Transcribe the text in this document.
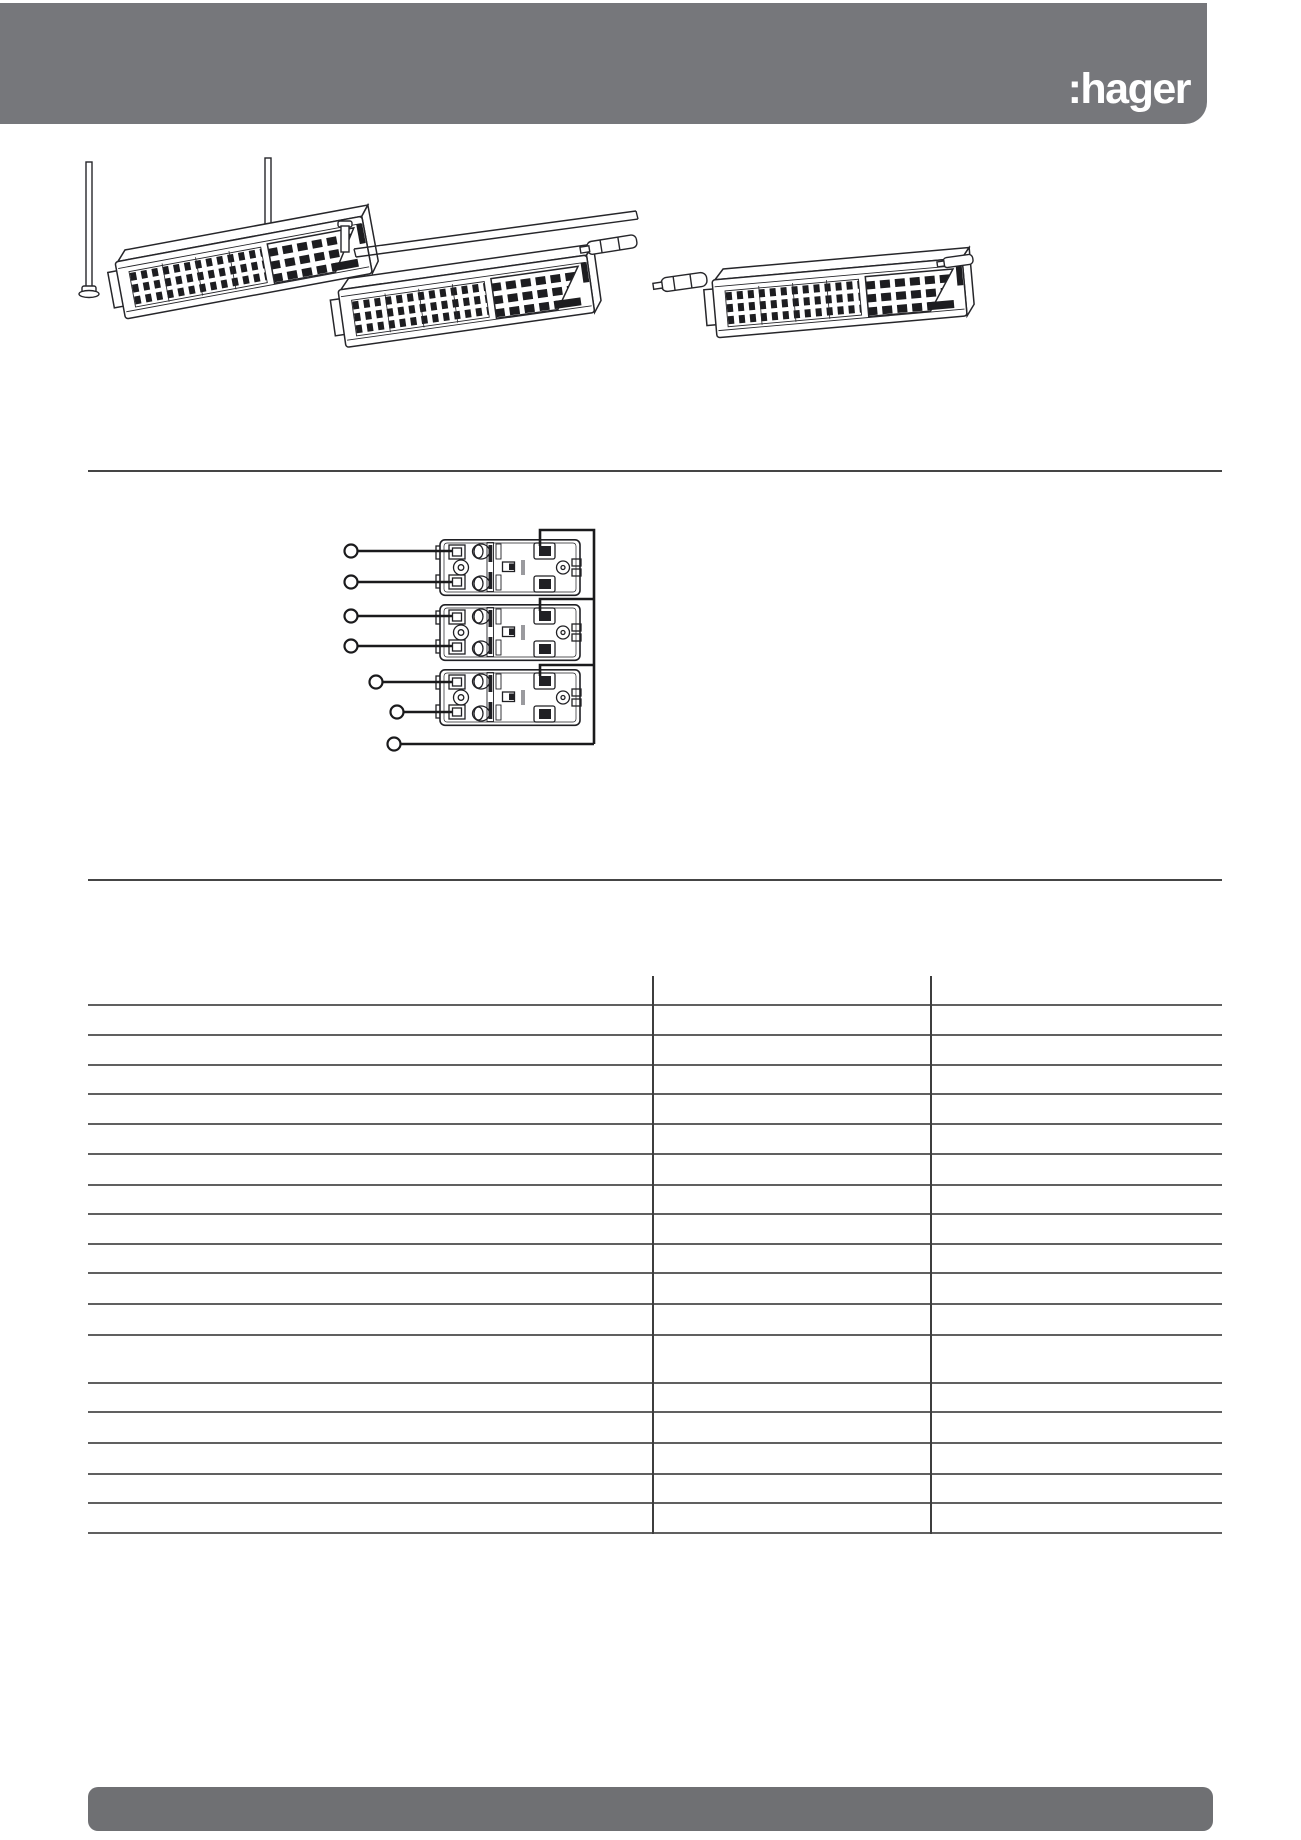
:hager
